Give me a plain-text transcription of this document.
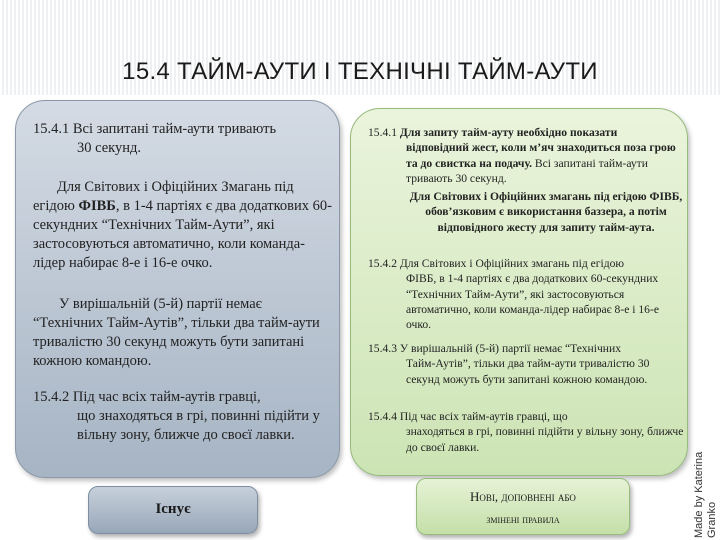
15.4 ТАЙМ-АУТИ І ТЕХНІЧНІ ТАЙМ-АУТИ
15.4.1 Всі запитані тайм-аути тривають
30 секунд.
Для Світових і Офіційних Змагань під егідою ФІВБ, в 1-4 партіях є два додаткових 60-секундних “Технічних Тайм-Аути”, які застосовуються автоматично, коли команда-лідер набирає 8-е і 16-е очко.
У вирішальній (5-й) партії немає “Технічних Тайм-Аутів”, тільки два тайм-аути тривалістю 30 секунд можуть бути запитані кожною командою.
15.4.2 Під час всіх тайм-аутів гравці,
що знаходяться в грі, повинні підійти у вільну зону, ближче до своєї лавки.
15.4.1 Для запиту тайм-ауту необхідно показати
відповідний жест, коли м’яч знаходиться поза грою та до свистка на подачу. Всі запитані тайм-аути тривають 30 секунд.
Для Світових і Офіційних змагань під егідою ФІВБ, обов’язковим є використання баззера, а потім відповідного жесту для запиту тайм-аута.
15.4.2 Для Світових і Офіційних змагань під егідою
ФІВБ, в 1-4 партіях є два додаткових 60-секундних “Технічних Тайм-Аути”, які застосовуються автоматично, коли команда-лідер набирає 8-е і 16-е очко.
15.4.3 У вирішальній (5-й) партії немає “Технічних
Тайм-Аутів”, тільки два тайм-аути тривалістю 30 секунд можуть бути запитані кожною командою.
15.4.4 Під час всіх тайм-аутів гравці, що
знаходяться в грі, повинні підійти у вільну зону, ближче до своєї лавки.
Існує
Нові, доповнені або
змінені правила	Made by Katerina Granko
